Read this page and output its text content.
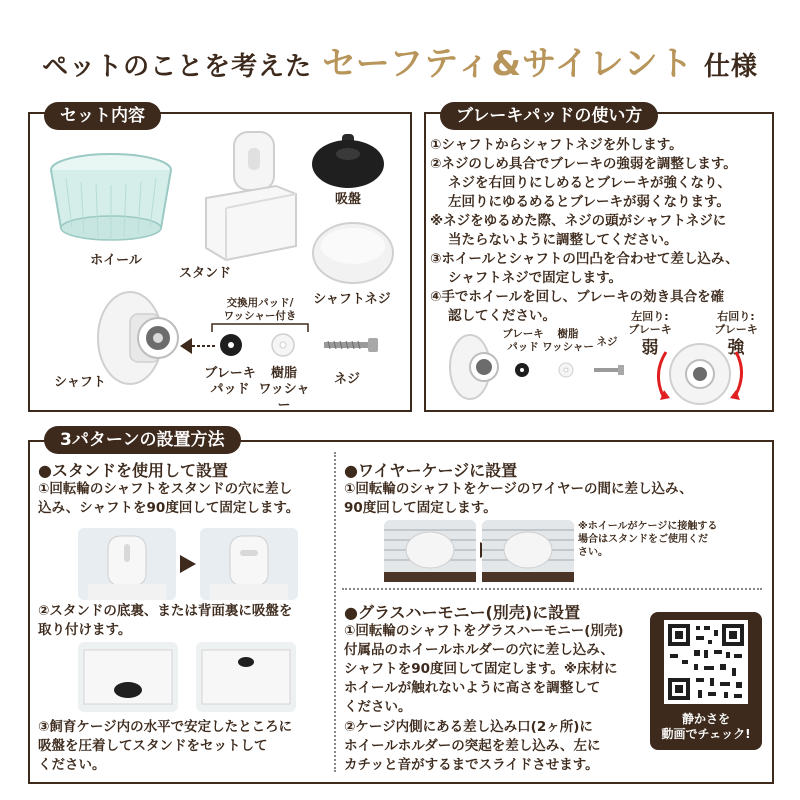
ペットのことを考えた セーフティ&サイレント 仕様
セット内容
ホイール
スタンド
吸盤
シャフトネジ
交換用パッド/
ワッシャー付き
シャフト
ブレーキ
パッド
樹脂
ワッシャー
ネジ
ブレーキパッドの使い方
①シャフトからシャフトネジを外します。
②ネジのしめ具合でブレーキの強弱を調整します。
ネジを右回りにしめるとブレーキが強くなり、
左回りにゆるめるとブレーキが弱くなります。
※ネジをゆるめた際、ネジの頭がシャフトネジに
当たらないように調整してください。
③ホイールとシャフトの凹凸を合わせて差し込み、
シャフトネジで固定します。
④手でホイールを回し、ブレーキの効き具合を確
認してください。
ブレーキ
パッド
樹脂
ワッシャー ネジ
左回り:
ブレーキ
弱
右回り:
ブレーキ
強
3パターンの設置方法
●スタンドを使用して設置
①回転輪のシャフトをスタンドの穴に差し
込み、シャフトを90度回して固定します。
②スタンドの底裏、または背面裏に吸盤を
取り付けます。
③飼育ケージ内の水平で安定したところに
吸盤を圧着してスタンドをセットして
ください。
●ワイヤーケージに設置
①回転輪のシャフトをケージのワイヤーの間に差し込み、
90度回して固定します。
※ホイールがケージに接触する
場合はスタンドをご使用くだ
さい。
●グラスハーモニー(別売)に設置
①回転輪のシャフトをグラスハーモニー(別売)
付属品のホイールホルダーの穴に差し込み、
シャフトを90度回して固定します。※床材に
ホイールが触れないように高さを調整して
ください。
②ケージ内側にある差し込み口(2ヶ所)に
ホイールホルダーの突起を差し込み、左に
カチッと音がするまでスライドさせます。
静かさを
動画でチェック!
